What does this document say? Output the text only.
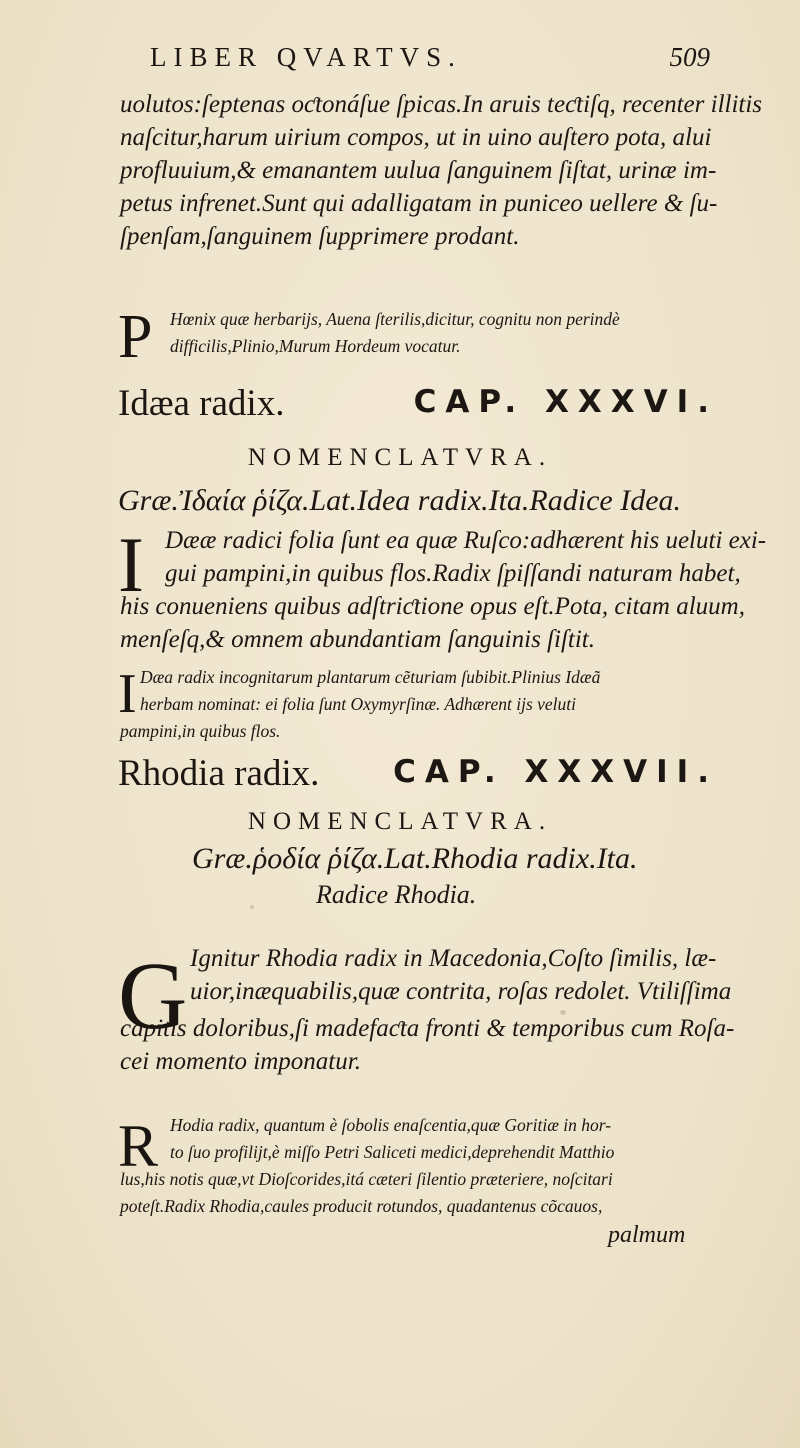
LIBER QVARTVS.	509
uolutos:ſeptenas oƈtonáſue ſpicas.In aruis teƈtiſq, recenter illitis
naſcitur,harum uirium compos, ut in uino auſtero pota, alui
profluuium,& emanantem uulua ſanguinem ſiſtat, urinæ im-
petus infrenet.Sunt qui adalligatam in puniceo uellere & ſu-
ſpenſam,ſanguinem ſupprimere prodant.
P Hœnix quæ herbarijs, Auena ſterilis,dicitur, cognitu non perindè
difficilis,Plinio,Murum Hordeum vocatur.
Idæa radix.	CAP. XXXVI.
NOMENCLATVRA.
Græ.Ἰδαία ῥίζα.Lat.Idea radix.Ita.Radice Idea.
I Dææ radici folia ſunt ea quæ Ruſco:adhærent his ueluti exi-
gui pampini,in quibus flos.Radix ſpiſſandi naturam habet,
his conueniens quibus adſtriƈtione opus eſt.Pota, citam aluum,
menſeſq,& omnem abundantiam ſanguinis ſiſtit.
I Dæa radix incognitarum plantarum cẽturiam ſubibit.Plinius Idæã
herbam nominat: ei folia ſunt Oxymyrſinæ. Adhærent ijs veluti
pampini,in quibus flos.
Rhodia radix. CAP. XXXVII.
NOMENCLATVRA.
Græ.ῥοδία ῥίζα.Lat.Rhodia radix.Ita.
Radice Rhodia.
G Ignitur Rhodia radix in Macedonia,Coſto ſimilis, læ-
uior,inæquabilis,quæ contrita, roſas redolet. Vtiliſſima
capitis doloribus,ſi madefaƈta fronti & temporibus cum Roſa-
cei momento imponatur.
R Hodia radix, quantum è ſobolis enaſcentia,quæ Goritiæ in hor-
to ſuo profilijt,è miſſo Petri Saliceti medici,deprehendit Matthio
lus,his notis quæ,vt Dioſcorides,itá cæteri ſilentio præteriere, noſcitari
poteſt.Radix Rhodia,caules producit rotundos, quadantenus cõcauos,
palmum
